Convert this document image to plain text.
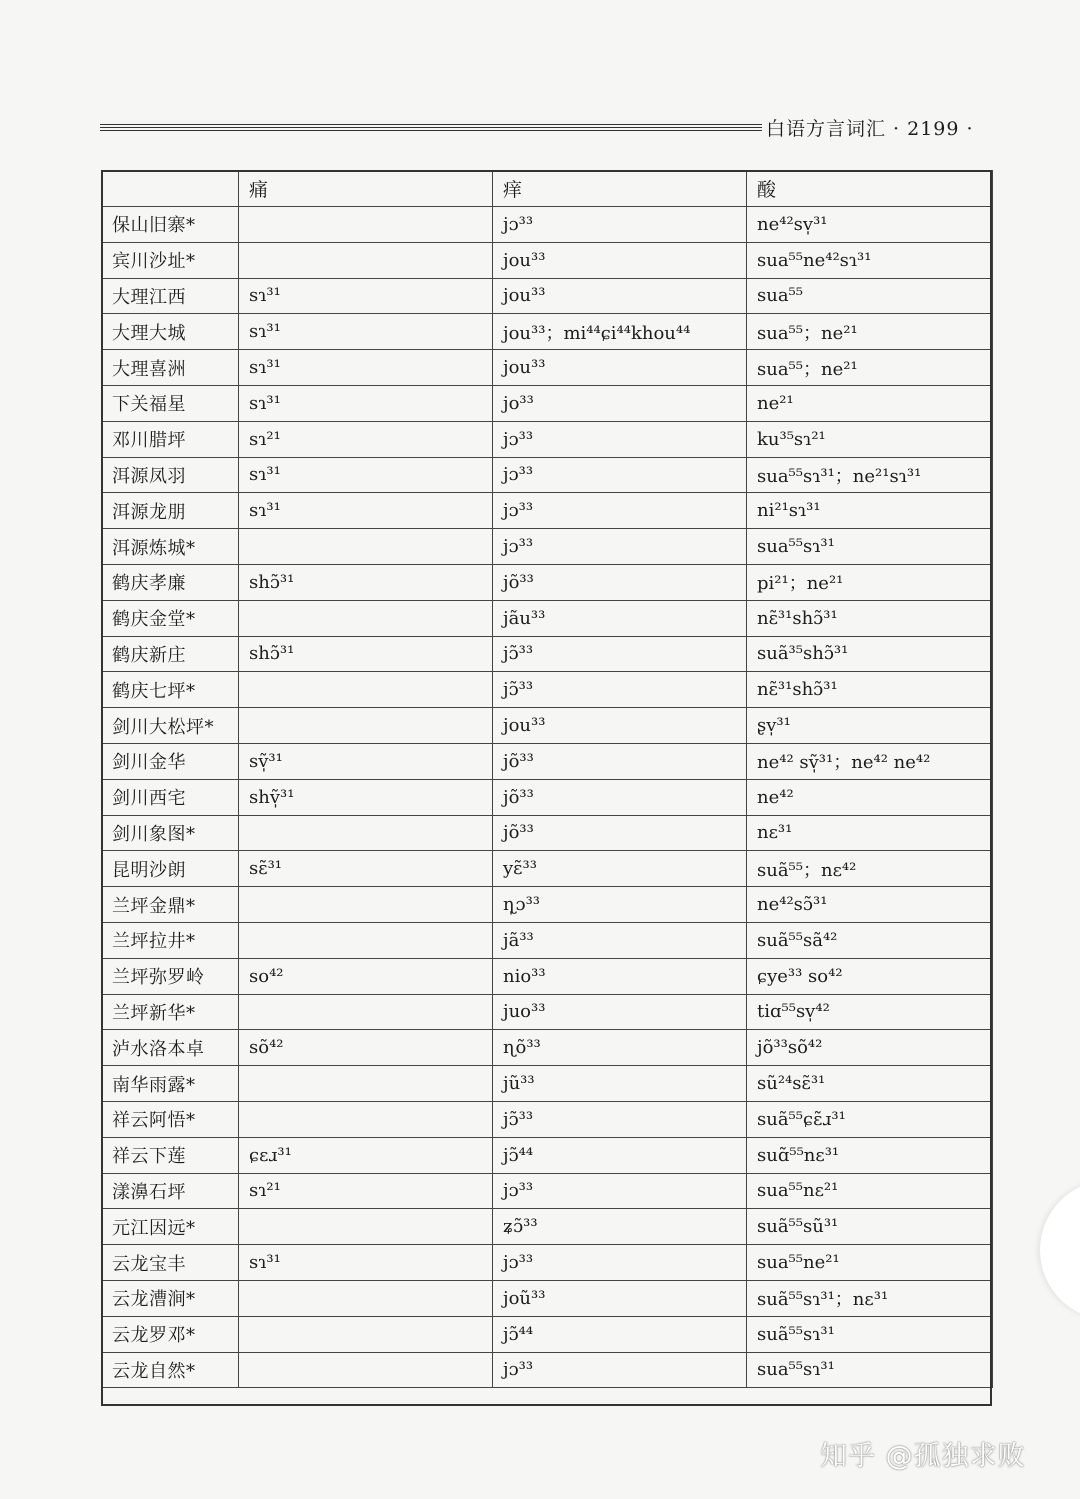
白语方言词汇 · 2199 ·
	痛	痒	酸
保山旧寨*		jɔ³³	ne⁴²sv̩³¹
宾川沙址*		jou³³	sua⁵⁵ne⁴²sɿ³¹
大理江西	sɿ³¹	jou³³	sua⁵⁵
大理大城	sɿ³¹	jou³³；mi⁴⁴ɕi⁴⁴khou⁴⁴	sua⁵⁵；ne²¹
大理喜洲	sɿ³¹	jou³³	sua⁵⁵；ne²¹
下关福星	sɿ³¹	jo³³	ne²¹
邓川腊坪	sɿ²¹	jɔ³³	ku³⁵sɿ²¹
洱源凤羽	sɿ³¹	jɔ³³	sua⁵⁵sɿ³¹；ne²¹sɿ³¹
洱源龙朋	sɿ³¹	jɔ³³	ni²¹sɿ³¹
洱源炼城*		jɔ³³	sua⁵⁵sɿ³¹
鹤庆孝廉	shɔ̃³¹	jõ³³	pi²¹；ne²¹
鹤庆金堂*		jãu³³	nɛ̃³¹shɔ̃³¹
鹤庆新庄	shɔ̃³¹	jɔ̃³³	suã³⁵shɔ̃³¹
鹤庆七坪*		jɔ̃³³	nɛ̃³¹shɔ̃³¹
剑川大松坪*		jou³³	ʂv̩³¹
剑川金华	sṽ̩³¹	jõ³³	ne⁴² sṽ̩³¹；ne⁴² ne⁴²
剑川西宅	shṽ̩³¹	jõ³³	ne⁴²
剑川象图*		jõ³³	nɛ³¹
昆明沙朗	sɛ̃³¹	yɛ̃³³	suã⁵⁵；nɛ⁴²
兰坪金鼎*		ɳ̩ɔ³³	ne⁴²sɔ̃³¹
兰坪拉井*		jã³³	suã⁵⁵sã⁴²
兰坪弥罗岭	so⁴²	nio³³	ɕye³³ so⁴²
兰坪新华*		juo³³	tiɑ⁵⁵sv̩⁴²
泸水洛本卓	sõ⁴²	ɳõ³³	jõ³³sõ⁴²
南华雨露*		jũ³³	sũ²⁴sɛ̃³¹
祥云阿悟*		jɔ̃³³	suã⁵⁵ɕɛ̃ɹ³¹
祥云下莲	ɕɛɹ³¹	jɔ̃⁴⁴	suɑ̃⁵⁵nɛ³¹
漾濞石坪	sɿ²¹	jɔ³³	sua⁵⁵nɛ²¹
元江因远*		ʑɔ̃³³	suã⁵⁵sũ³¹
云龙宝丰	sɿ³¹	jɔ³³	sua⁵⁵ne²¹
云龙漕涧*		joũ³³	suã⁵⁵sɿ³¹；nɛ³¹
云龙罗邓*		jɔ̃⁴⁴	suã⁵⁵sɿ³¹
云龙自然*		jɔ³³	sua⁵⁵sɿ³¹
知乎 @孤独求败
